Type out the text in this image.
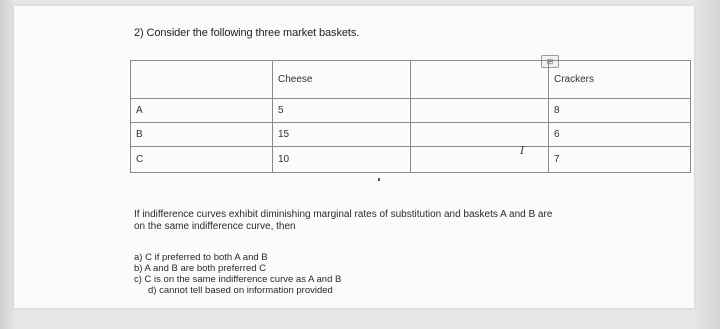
2) Consider the following three market baskets.
⊞
	Cheese		Crackers
A	5		8
B	15		6
C	10		7
I
If indifference curves exhibit diminishing marginal rates of substitution and baskets A and B are on the same indifference curve, then
a) C if preferred to both A and B
b) A and B are both preferred C
c) C is on the same indifference curve as A and B
d) cannot tell based on information provided
